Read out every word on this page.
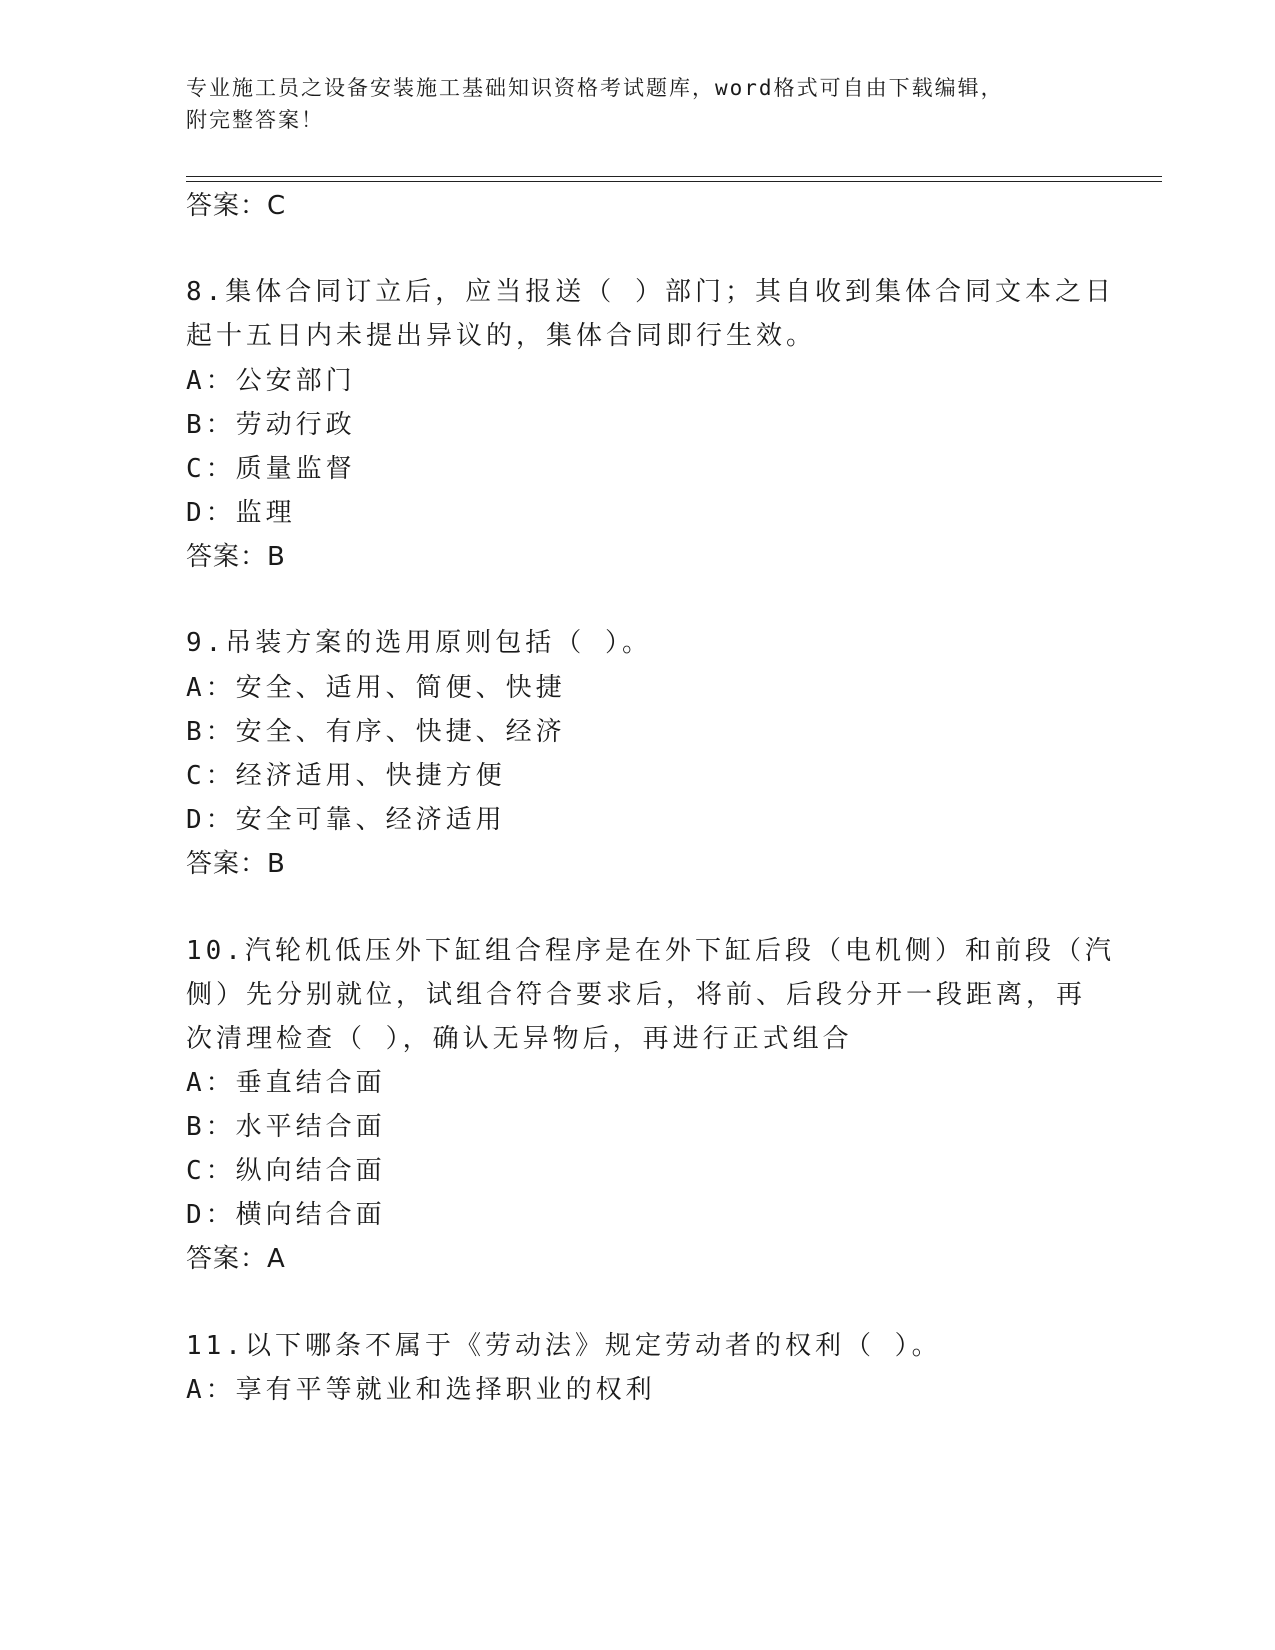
专业施工员之设备安装施工基础知识资格考试题库，word格式可自由下载编辑，
附完整答案！
答案：C
8.集体合同订立后，应当报送（ ）部门；其自收到集体合同文本之日
起十五日内未提出异议的，集体合同即行生效。
A：公安部门
B：劳动行政
C：质量监督
D：监理
答案：B
9.吊装方案的选用原则包括（ ）。
A：安全、适用、简便、快捷
B：安全、有序、快捷、经济
C：经济适用、快捷方便
D：安全可靠、经济适用
答案：B
10.汽轮机低压外下缸组合程序是在外下缸后段（电机侧）和前段（汽
侧）先分别就位，试组合符合要求后，将前、后段分开一段距离，再
次清理检查（ ），确认无异物后，再进行正式组合
A：垂直结合面
B：水平结合面
C：纵向结合面
D：横向结合面
答案：A
11.以下哪条不属于《劳动法》规定劳动者的权利（ ）。
A：享有平等就业和选择职业的权利
